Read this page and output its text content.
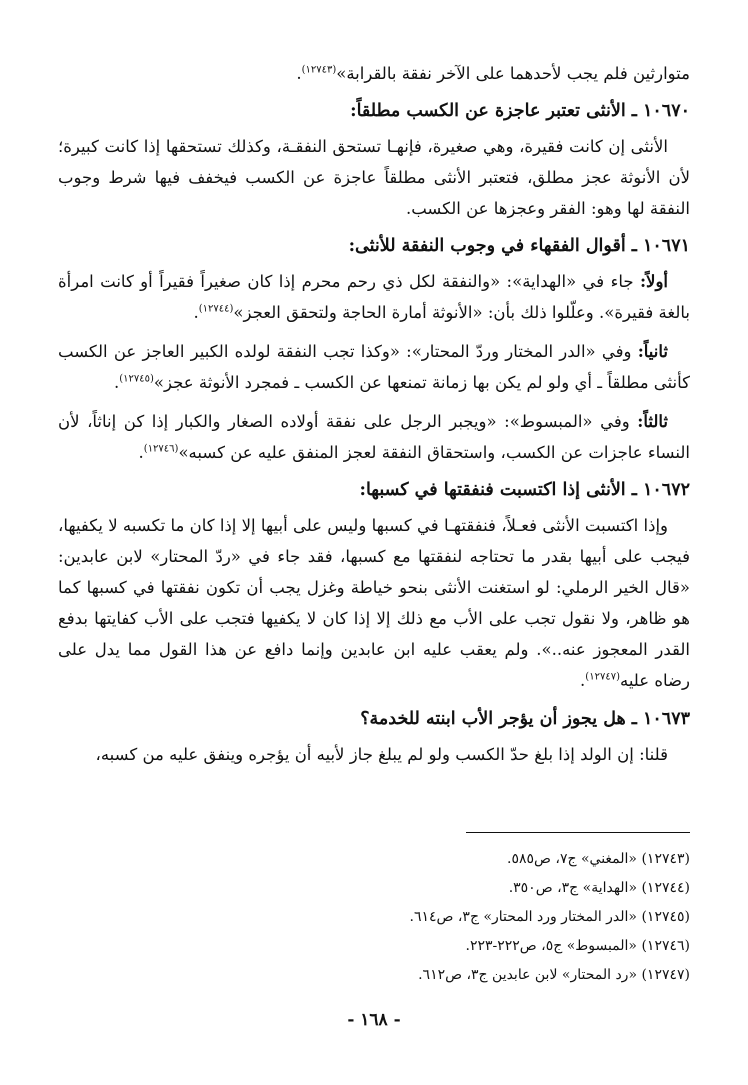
متوارثين فلم يجب لأحدهما على الآخر نفقة بالقرابة»$^{(١٢٧٤٣)}$.

١٠٦٧٠ ـ الأنثى تعتبر عاجزة عن الكسب مطلقاً:

الأنثى إن كانت فقيرة، وهي صغيرة، فإنهـا تستحق النفقـة، وكذلك تستحقها إذا كانت كبيرة؛ لأن الأنوثة عجز مطلق، فتعتبر الأنثى مطلقاً عاجزة عن الكسب فيخفف فيها شرط وجوب النفقة لها وهو: الفقر وعجزها عن الكسب.

١٠٦٧١ ـ أقوال الفقهاء في وجوب النفقة للأنثى:

أولاً: جاء في «الهداية»: «والنفقة لكل ذي رحم محرم إذا كان صغيراً فقيراً أو كانت امرأة بالغة فقيرة». وعلّلوا ذلك بأن: «الأنوثة أمارة الحاجة ولتحقق العجز»$^{(١٢٧٤٤)}$.

ثانياً: وفي «الدر المختار وردّ المحتار»: «وكذا تجب النفقة لولده الكبير العاجز عن الكسب كأنثى مطلقاً ـ أي ولو لم يكن بها زمانة تمنعها عن الكسب ـ فمجرد الأنوثة عجز»$^{(١٢٧٤٥)}$.

ثالثاً: وفي «المبسوط»: «ويجبر الرجل على نفقة أولاده الصغار والكبار إذا كن إناثاً، لأن النساء عاجزات عن الكسب، واستحقاق النفقة لعجز المنفق عليه عن كسبه»$^{(١٢٧٤٦)}$.

١٠٦٧٢ ـ الأنثى إذا اكتسبت فنفقتها في كسبها:

وإذا اكتسبت الأنثى فعـلاً، فنفقتهـا في كسبها وليس على أبيها إلا إذا كان ما تكسبه لا يكفيها، فيجب على أبيها بقدر ما تحتاجه لنفقتها مع كسبها، فقد جاء في «ردّ المحتار» لابن عابدين: «قال الخير الرملي: لو استغنت الأنثى بنحو خياطة وغزل يجب أن تكون نفقتها في كسبها كما هو ظاهر، ولا نقول تجب على الأب مع ذلك إلا إذا كان لا يكفيها فتجب على الأب كفايتها بدفع القدر المعجوز عنه..». ولم يعقب عليه ابن عابدين وإنما دافع عن هذا القول مما يدل على رضاه عليه$^{(١٢٧٤٧)}$.

١٠٦٧٣ ـ هل يجوز أن يؤجر الأب ابنته للخدمة؟

قلنا: إن الولد إذا بلغ حدّ الكسب ولو لم يبلغ جاز لأبيه أن يؤجره وينفق عليه من كسبه،

(١٢٧٤٣) «المغني» ج٧، ص٥٨٥.
(١٢٧٤٤) «الهداية» ج٣، ص٣٥٠.
(١٢٧٤٥) «الدر المختار ورد المحتار» ج٣، ص٦١٤.
(١٢٧٤٦) «المبسوط» ج٥، ص٢٢٢-٢٢٣.
(١٢٧٤٧) «رد المحتار» لابن عابدين ج٣، ص٦١٢.
- ١٦٨ -
